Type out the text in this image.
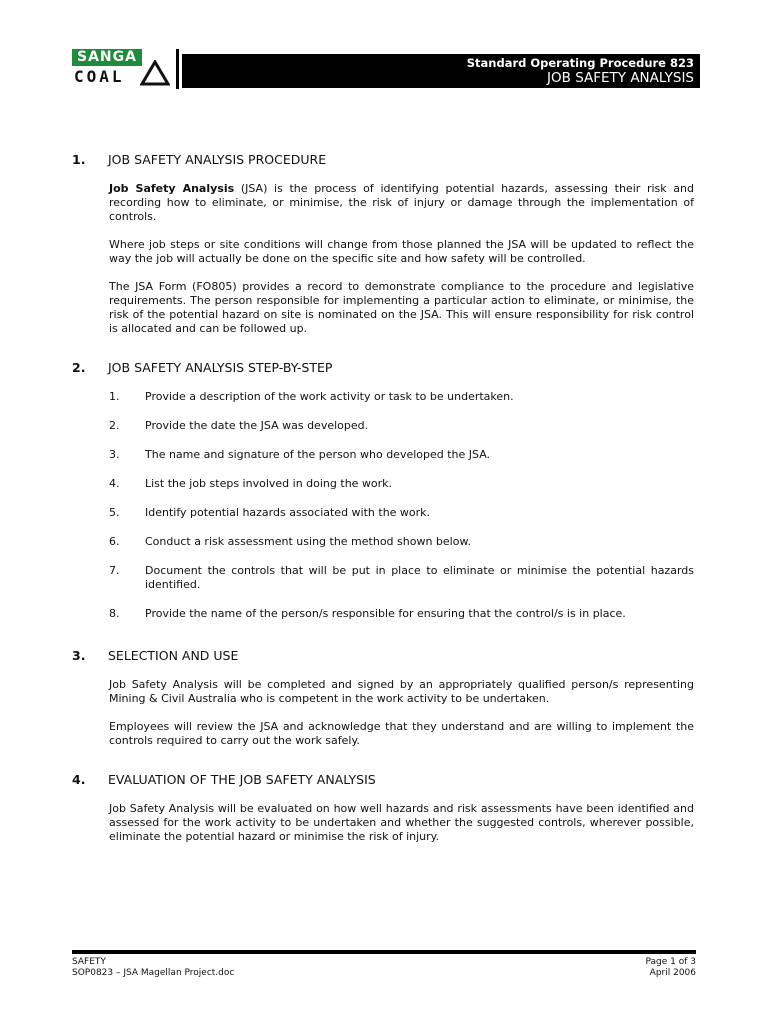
SANGA
COAL
Standard Operating Procedure 823
JOB SAFETY ANALYSIS
1.	JOB SAFETY ANALYSIS PROCEDURE

Job Safety Analysis (JSA) is the process of identifying potential hazards, assessing their risk and recording how to eliminate, or minimise, the risk of injury or damage through the implementation of controls.

Where job steps or site conditions will change from those planned the JSA will be updated to reflect the way the job will actually be done on the specific site and how safety will be controlled.

The JSA Form (FO805) provides a record to demonstrate compliance to the procedure and legislative requirements. The person responsible for implementing a particular action to eliminate, or minimise, the risk of the potential hazard on site is nominated on the JSA. This will ensure responsibility for risk control is allocated and can be followed up.

2.	JOB SAFETY ANALYSIS STEP-BY-STEP
1.	Provide a description of the work activity or task to be undertaken.
2.	Provide the date the JSA was developed.
3.	The name and signature of the person who developed the JSA.
4.	List the job steps involved in doing the work.
5.	Identify potential hazards associated with the work.
6.	Conduct a risk assessment using the method shown below.
7.	Document the controls that will be put in place to eliminate or minimise the potential hazards identified.
8.	Provide the name of the person/s responsible for ensuring that the control/s is in place.
3.	SELECTION AND USE

Job Safety Analysis will be completed and signed by an appropriately qualified person/s representing Mining & Civil Australia who is competent in the work activity to be undertaken.

Employees will review the JSA and acknowledge that they understand and are willing to implement the controls required to carry out the work safely.

4.	EVALUATION OF THE JOB SAFETY ANALYSIS

Job Safety Analysis will be evaluated on how well hazards and risk assessments have been identified and assessed for the work activity to be undertaken and whether the suggested controls, wherever possible, eliminate the potential hazard or minimise the risk of injury.

SAFETY
SOP0823 – JSA Magellan Project.doc
Page 1 of 3
April 2006
